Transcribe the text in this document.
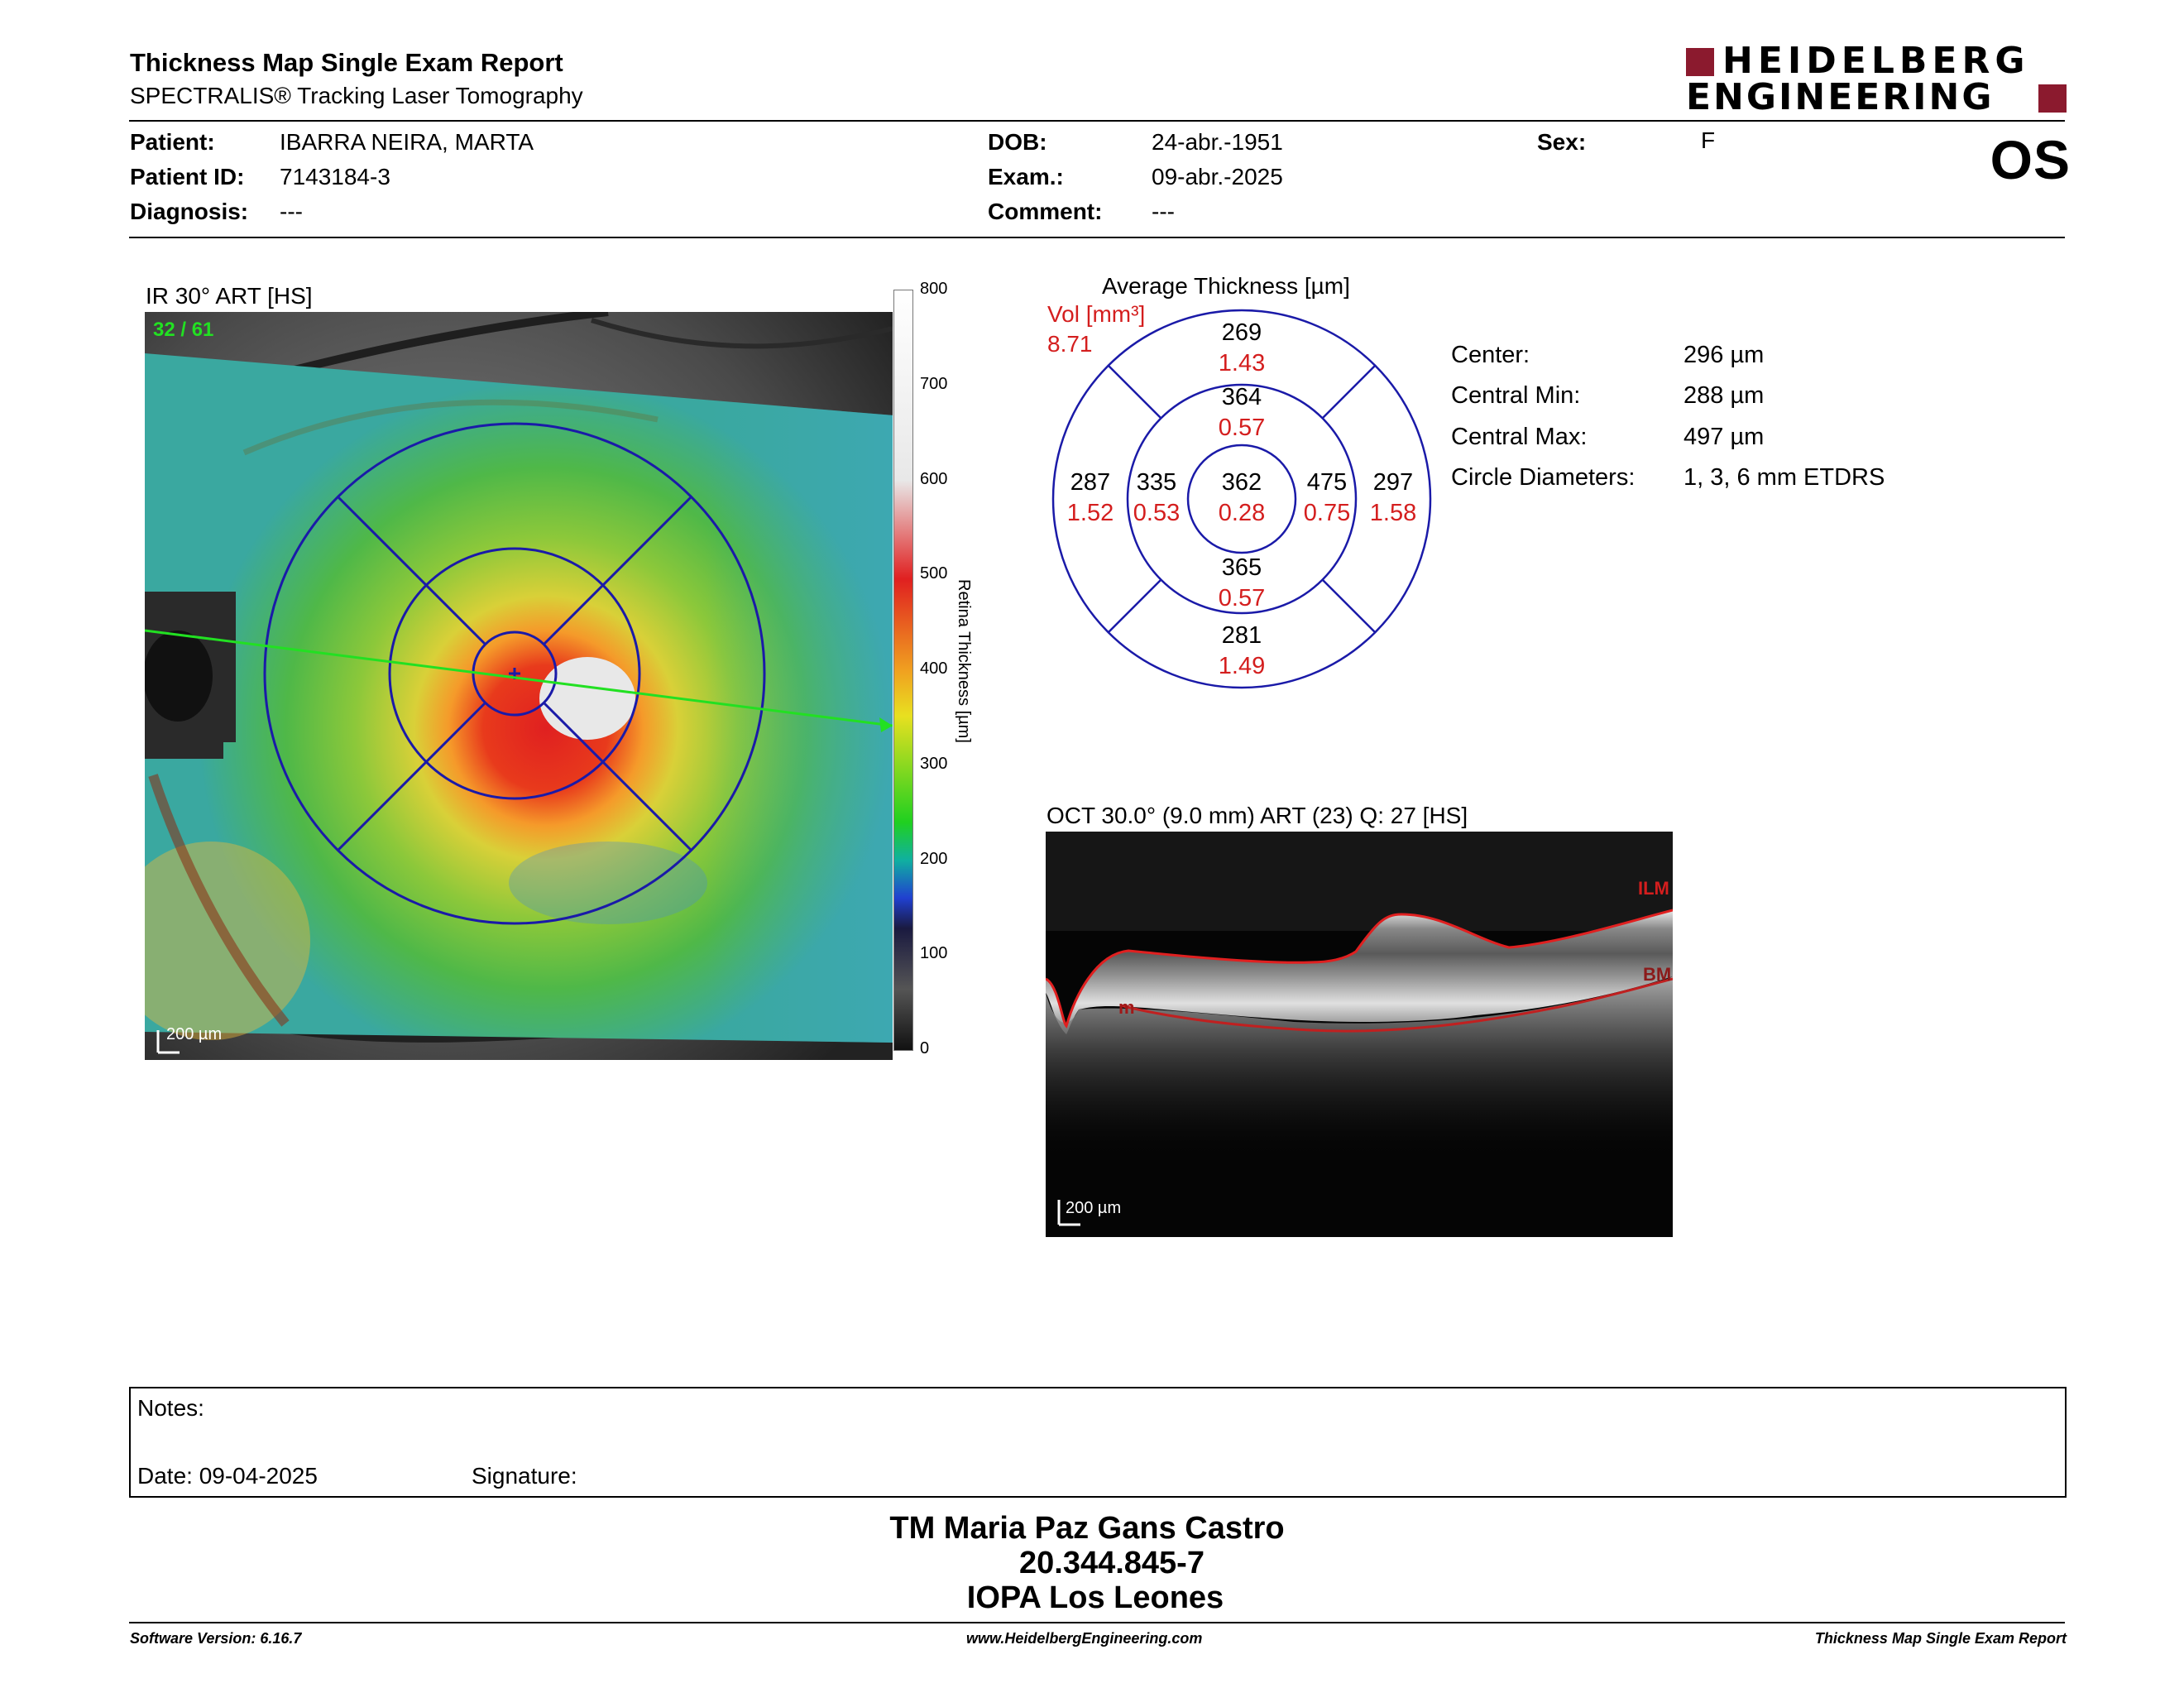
Thickness Map Single Exam Report
SPECTRALIS® Tracking Laser Tomography
HEIDELBERG
ENGINEERING
Patient:	IBARRA NEIRA, MARTA
Patient ID: 7143184-3
Diagnosis: ---
DOB:	24-abr.-1951
Exam.:	09-abr.-2025
Comment: ---
Sex:	F	OS
IR 30° ART [HS]
32 / 61
200 µm
800
700
600
500
400
300
200
100
0
Retina Thickness [µm]
Average Thickness [µm]
Vol [mm³]
8.71	269
1.43
364
0.57
287
1.52
335
0.53
362
0.28
475
0.75
297
1.58
365
0.57
281
1.49
Center:	296 µm
Central Min:	288 µm
Central Max:	497 µm
Circle Diameters: 1, 3, 6 mm ETDRS
OCT 30.0° (9.0 mm) ART (23) Q: 27 [HS]
ILM
BM
m
200 µm
Notes:
Date: 09-04-2025	Signature:
TM Maria Paz Gans Castro
20.344.845-7
IOPA Los Leones
Software Version: 6.16.7	www.HeidelbergEngineering.com	Thickness Map Single Exam Report
